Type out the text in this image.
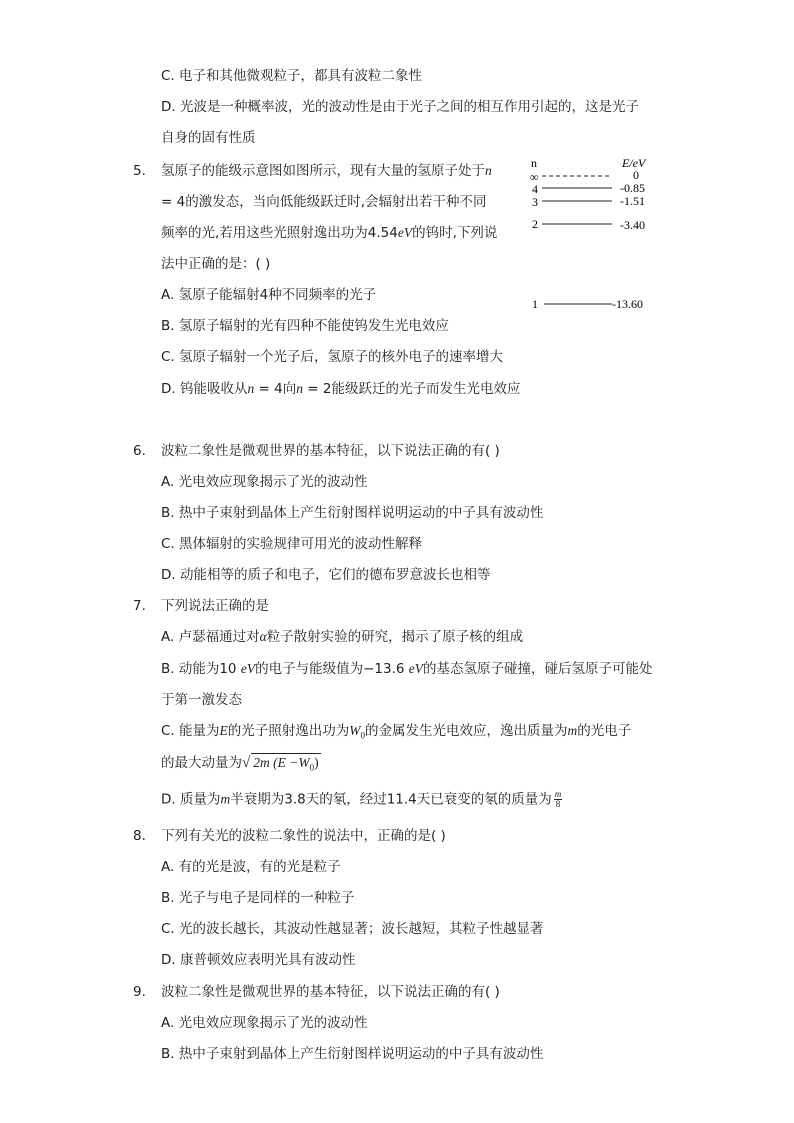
C. 电子和其他微观粒子，都具有波粒二象性
D. 光波是一种概率波，光的波动性是由于光子之间的相互作用引起的，这是光子
自身的固有性质
5. 氢原子的能级示意图如图所示，现有大量的氢原子处于n
= 4的激发态，当向低能级跃迁时,会辐射出若干种不同
频率的光,若用这些光照射逸出功为4.54eV的钨时,下列说
法中正确的是：( )
A. 氢原子能辐射4种不同频率的光子
B. 氢原子辐射的光有四种不能使钨发生光电效应
C. 氢原子辐射一个光子后，氢原子的核外电子的速率增大
D. 钨能吸收从n = 4向n = 2能级跃迁的光子而发生光电效应
n	E/eV
∞	0
4	-0.85
3	-1.51
2	-3.40
1	-13.60
6. 波粒二象性是微观世界的基本特征，以下说法正确的有( )
A. 光电效应现象揭示了光的波动性
B. 热中子束射到晶体上产生衍射图样说明运动的中子具有波动性
C. 黑体辐射的实验规律可用光的波动性解释
D. 动能相等的质子和电子，它们的德布罗意波长也相等
7. 下列说法正确的是
A. 卢瑟福通过对α粒子散射实验的研究，揭示了原子核的组成
B. 动能为10 eV的电子与能级值为−13.6 eV的基态氢原子碰撞，碰后氢原子可能处
于第一激发态
C. 能量为E的光子照射逸出功为$W_0$的金属发生光电效应，逸出质量为m的光电子
的最大动量为√ 2m $(E -W_0)$
D. 质量为m半衰期为3.8天的氡，经过11.4天已衰变的氡的质量为 $\frac{m}{8}$
8. 下列有关光的波粒二象性的说法中，正确的是( )
A. 有的光是波，有的光是粒子
B. 光子与电子是同样的一种粒子
C. 光的波长越长，其波动性越显著；波长越短，其粒子性越显著
D. 康普顿效应表明光具有波动性
9. 波粒二象性是微观世界的基本特征，以下说法正确的有( )
A. 光电效应现象揭示了光的波动性
B. 热中子束射到晶体上产生衍射图样说明运动的中子具有波动性
